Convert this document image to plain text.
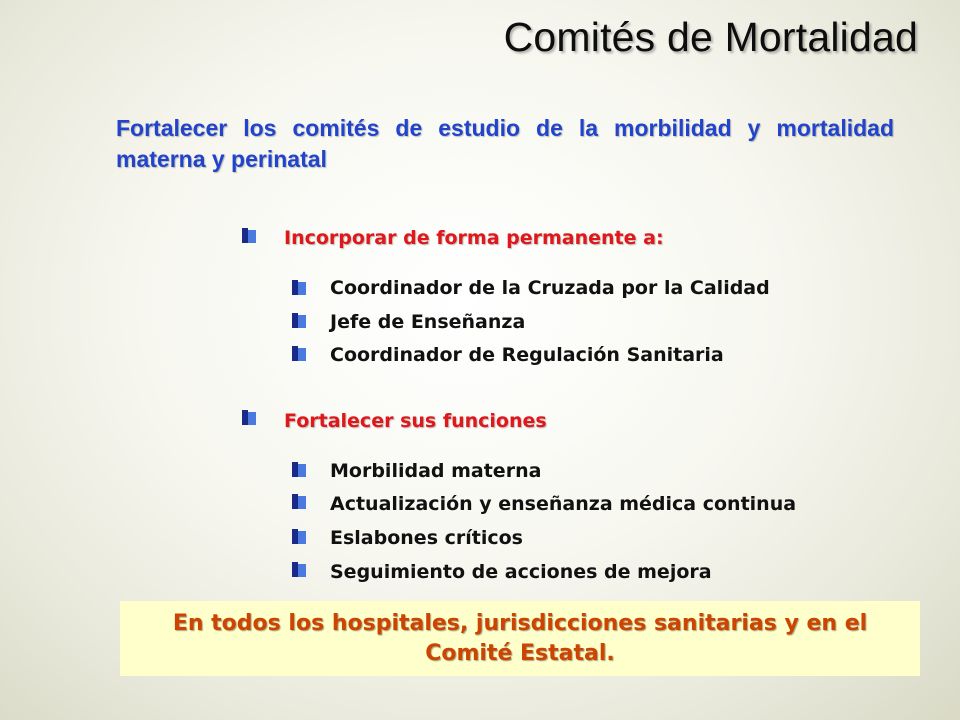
Comités de Mortalidad
Fortalecer los comités de estudio de la morbilidad y mortalidad materna y perinatal
Incorporar de forma permanente a:
Coordinador de la Cruzada por la Calidad
Jefe de Enseñanza
Coordinador de Regulación Sanitaria
Fortalecer sus funciones
Morbilidad materna
Actualización y enseñanza médica continua
Eslabones críticos
Seguimiento de acciones de mejora
En todos los hospitales, jurisdicciones sanitarias y en el Comité Estatal.
